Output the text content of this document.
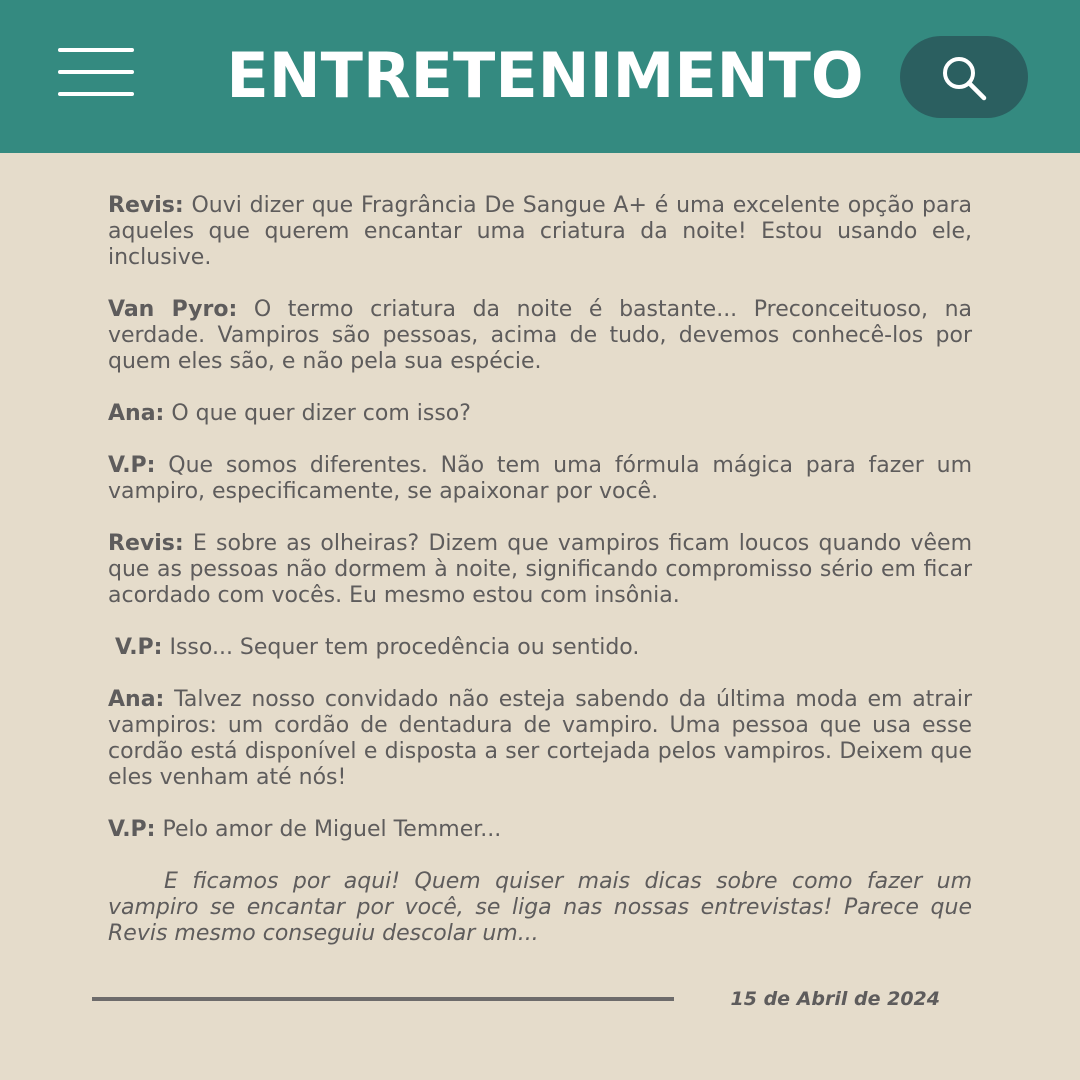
ENTRETENIMENTO

Revis: Ouvi dizer que Fragrância De Sangue A+ é uma excelente opção para aqueles que querem encantar uma criatura da noite! Estou usando ele, inclusive.

Van Pyro: O termo criatura da noite é bastante... Preconceituoso, na verdade. Vampiros são pessoas, acima de tudo, devemos conhecê-los por quem eles são, e não pela sua espécie.

Ana: O que quer dizer com isso?

V.P: Que somos diferentes. Não tem uma fórmula mágica para fazer um vampiro, especificamente, se apaixonar por você.

Revis: E sobre as olheiras? Dizem que vampiros ficam loucos quando vêem que as pessoas não dormem à noite, significando compromisso sério em ficar acordado com vocês. Eu mesmo estou com insônia.

V.P: Isso... Sequer tem procedência ou sentido.

Ana: Talvez nosso convidado não esteja sabendo da última moda em atrair vampiros: um cordão de dentadura de vampiro. Uma pessoa que usa esse cordão está disponível e disposta a ser cortejada pelos vampiros. Deixem que eles venham até nós!

V.P: Pelo amor de Miguel Temmer...

E ficamos por aqui! Quem quiser mais dicas sobre como fazer um vampiro se encantar por você, se liga nas nossas entrevistas! Parece que Revis mesmo conseguiu descolar um...

15 de Abril de 2024
